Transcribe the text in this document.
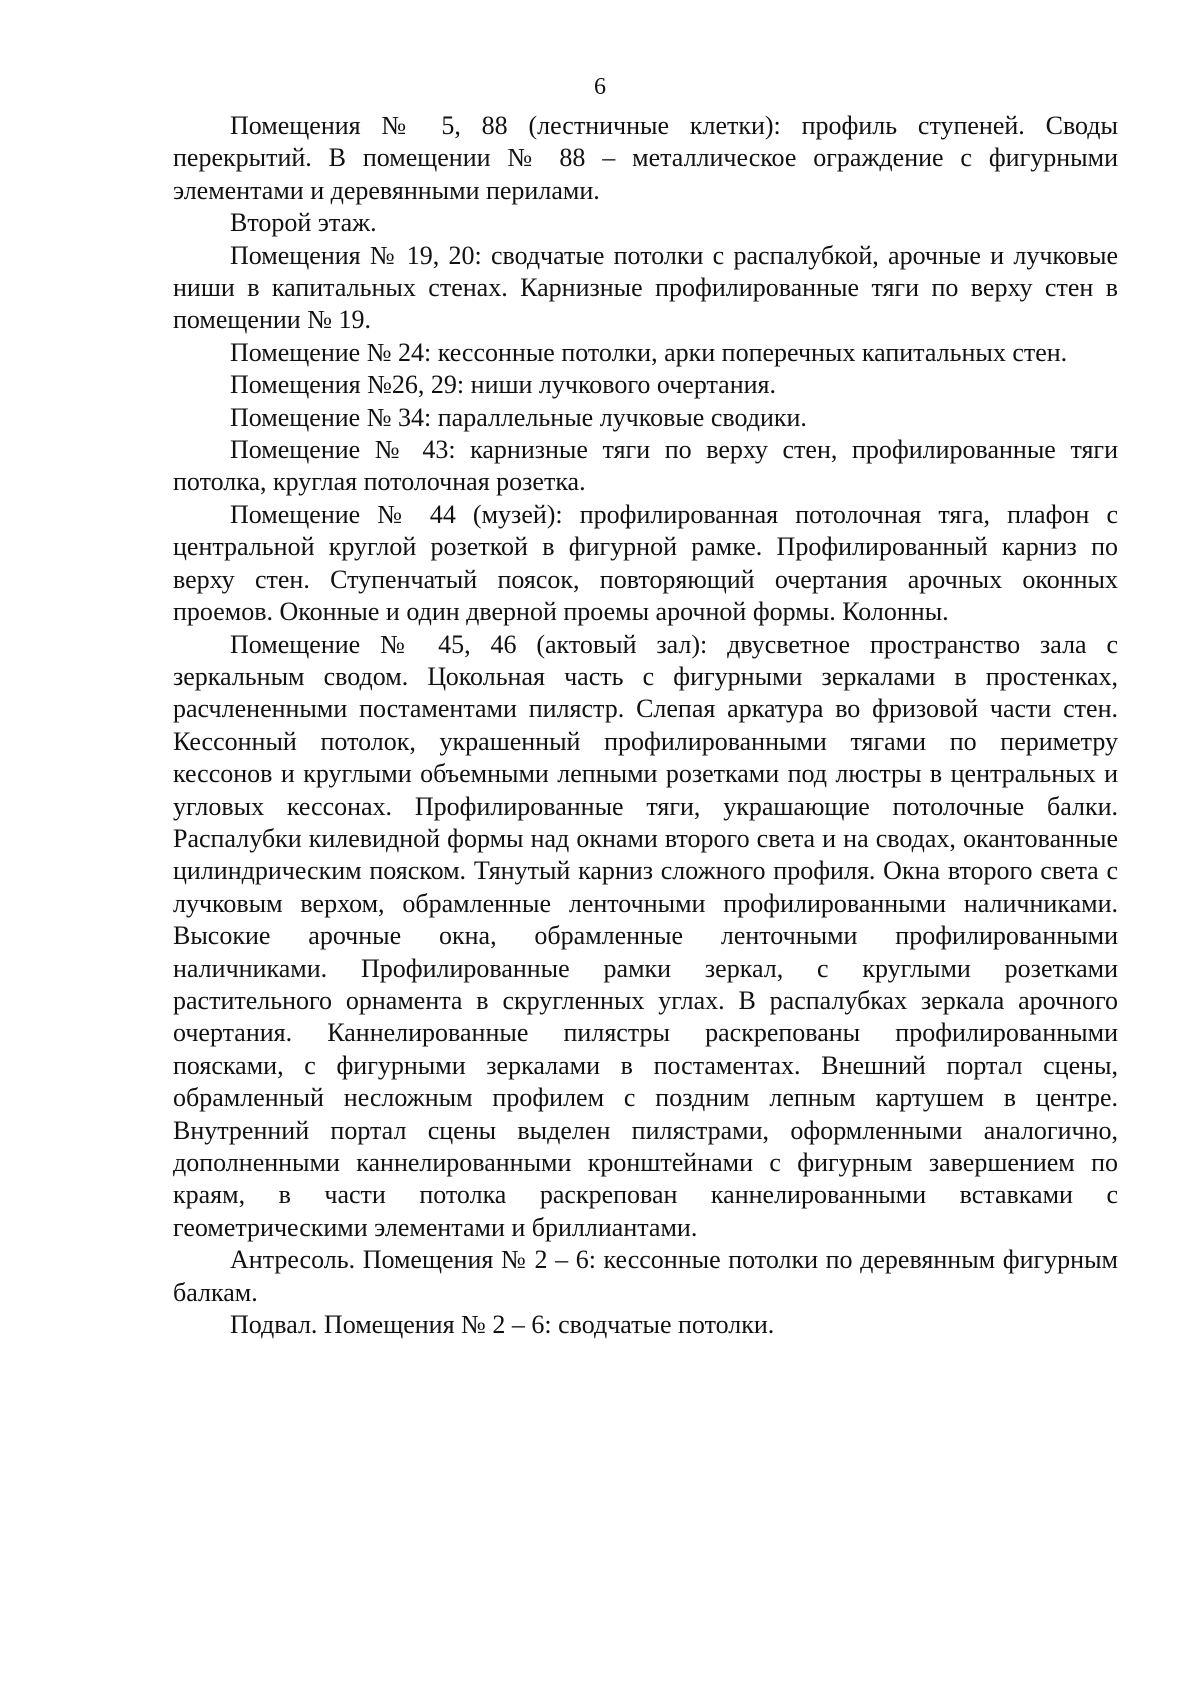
6

Помещения № 5, 88 (лестничные клетки): профиль ступеней. Своды перекрытий. В помещении № 88 – металлическое ограждение с фигурными элементами и деревянными перилами.

Второй этаж.

Помещения № 19, 20: сводчатые потолки с распалубкой, арочные и лучковые ниши в капитальных стенах. Карнизные профилированные тяги по верху стен в помещении № 19.

Помещение № 24: кессонные потолки, арки поперечных капитальных стен.

Помещения №26, 29: ниши лучкового очертания.

Помещение № 34: параллельные лучковые сводики.

Помещение № 43: карнизные тяги по верху стен, профилированные тяги потолка, круглая потолочная розетка.

Помещение № 44 (музей): профилированная потолочная тяга, плафон с центральной круглой розеткой в фигурной рамке. Профилированный карниз по верху стен. Ступенчатый поясок, повторяющий очертания арочных оконных проемов. Оконные и один дверной проемы арочной формы. Колонны.

Помещение № 45, 46 (актовый зал): двусветное пространство зала с зеркальным сводом. Цокольная часть с фигурными зеркалами в простенках, расчлененными постаментами пилястр. Слепая аркатура во фризовой части стен. Кессонный потолок, украшенный профилированными тягами по периметру кессонов и круглыми объемными лепными розетками под люстры в центральных и угловых кессонах. Профилированные тяги, украшающие потолочные балки. Распалубки килевидной формы над окнами второго света и на сводах, окантованные цилиндрическим пояском. Тянутый карниз сложного профиля. Окна второго света с лучковым верхом, обрамленные ленточными профилированными наличниками. Высокие арочные окна, обрамленные ленточными профилированными наличниками. Профилированные рамки зеркал, с круглыми розетками растительного орнамента в скругленных углах. В распалубках зеркала арочного очертания. Каннелированные пилястры раскрепованы профилированными поясками, с фигурными зеркалами в постаментах. Внешний портал сцены, обрамленный несложным профилем с поздним лепным картушем в центре. Внутренний портал сцены выделен пилястрами, оформленными аналогично, дополненными каннелированными кронштейнами с фигурным завершением по краям, в части потолка раскрепован каннелированными вставками с геометрическими элементами и бриллиантами.

Антресоль. Помещения № 2 – 6: кессонные потолки по деревянным фигурным балкам.

Подвал. Помещения № 2 – 6: сводчатые потолки.
